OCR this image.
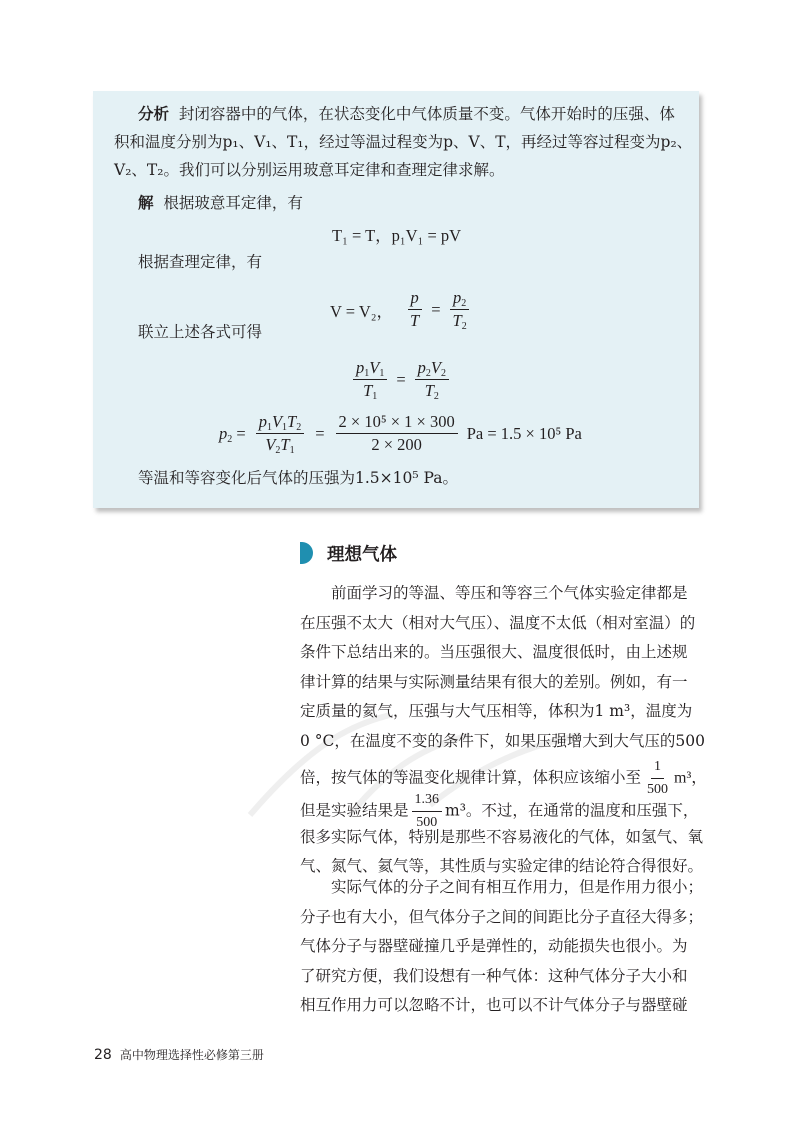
分析 封闭容器中的气体，在状态变化中气体质量不变。气体开始时的压强、体
积和温度分别为p₁、V₁、T₁，经过等温过程变为p、V、T，再经过等容过程变为p₂、
V₂、T₂。我们可以分别运用玻意耳定律和查理定律求解。
解 根据玻意耳定律，有
T₁ = T，p₁V₁ = pV
根据查理定律，有
V = V₂， $\frac{p}{T} = \frac{p_2}{T_2}$
联立上述各式可得
$\frac{p_1V_1}{T_1} = \frac{p_2V_2}{T_2}$
$p_2 = \frac{p_1V_1T_2}{V_2T_1} = \frac{\text{2 × 10⁵ × 1 × 300}}{2 \times 200}$ Pa = 1.5 × 10⁵ Pa
等温和等容变化后气体的压强为1.5×10⁵ Pa。
理想气体
前面学习的等温、等压和等容三个气体实验定律都是
在压强不太大（相对大气压）、温度不太低（相对室温）的
条件下总结出来的。当压强很大、温度很低时，由上述规
律计算的结果与实际测量结果有很大的差别。例如，有一
定质量的氦气，压强与大气压相等，体积为1 m³，温度为
0 °C，在温度不变的条件下，如果压强增大到大气压的500
倍，按气体的等温变化规律计算，体积应该缩小至 $\frac{1}{500} m^3$，
但是实验结果是 $\frac{1.36}{500} m^3$。不过，在通常的温度和压强下，
很多实际气体，特别是那些不容易液化的气体，如氢气、氧
气、氮气、氦气等，其性质与实验定律的结论符合得很好。
实际气体的分子之间有相互作用力，但是作用力很小；
分子也有大小，但气体分子之间的间距比分子直径大得多；
气体分子与器壁碰撞几乎是弹性的，动能损失也很小。为
了研究方便，我们设想有一种气体：这种气体分子大小和
相互作用力可以忽略不计，也可以不计气体分子与器壁碰
28 高中物理选择性必修第三册
